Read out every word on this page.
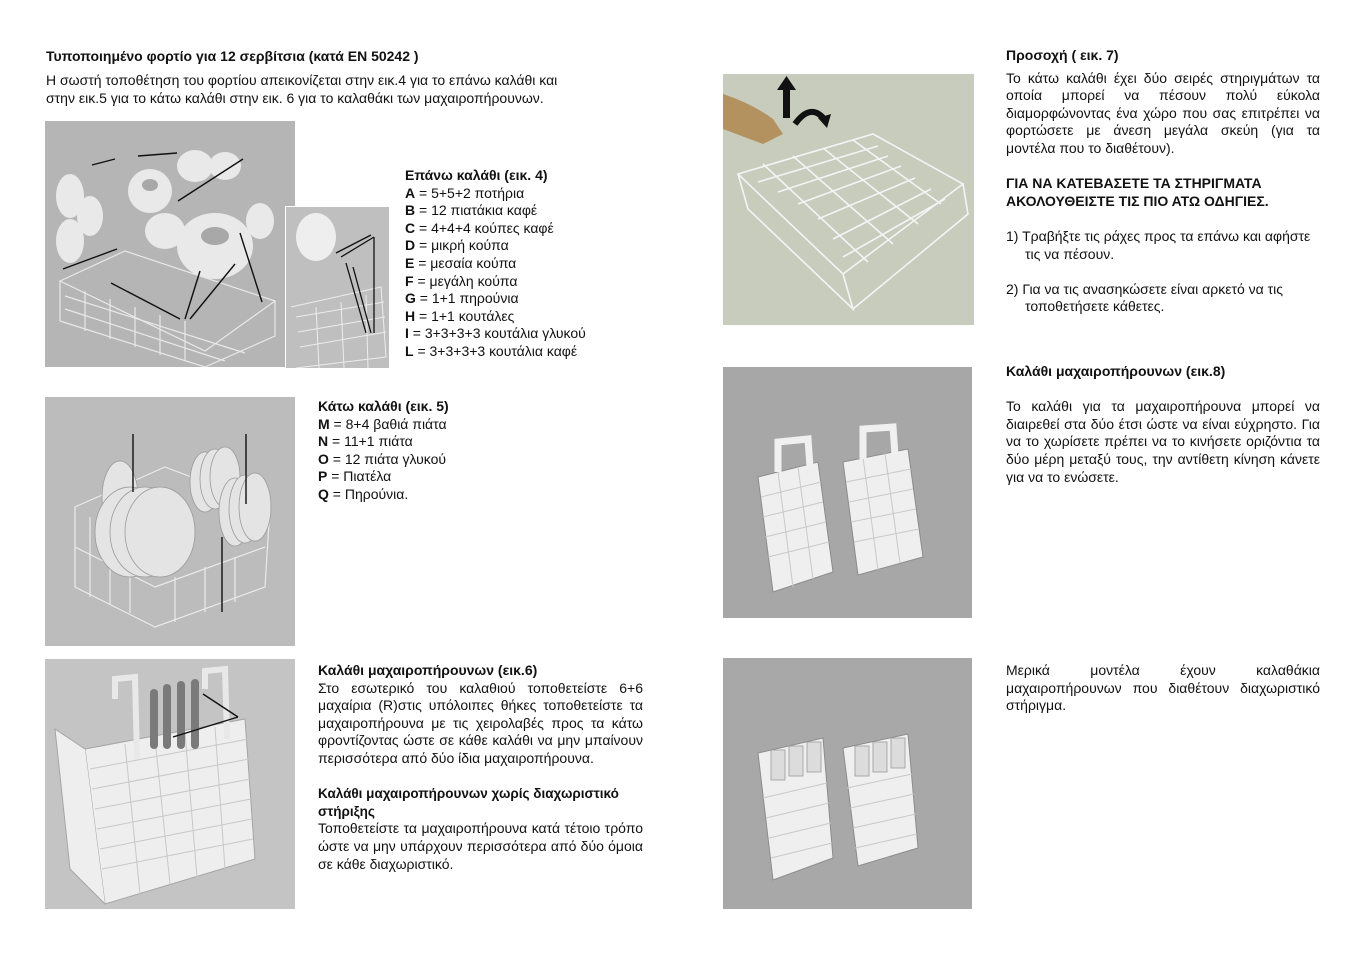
Τυποποιημένο φορτίο για 12 σερβίτσια (κατά EN 50242 )
Η σωστή τοποθέτηση του φορτίου απεικονίζεται στην εικ.4 για το επάνω καλάθι και
στην εικ.5 για το κάτω καλάθι στην εικ. 6 για το καλαθάκι των μαχαιροπήρουνων.
Επάνω καλάθι (εικ. 4)
A = 5+5+2 ποτήρια
B = 12 πιατάκια καφέ
C = 4+4+4 κούπες καφέ
D = μικρή κούπα
E = μεσαία κούπα
F = μεγάλη κούπα
G = 1+1 πηρούνια
H = 1+1 κουτάλες
I = 3+3+3+3 κουτάλια γλυκού
L = 3+3+3+3 κουτάλια καφέ
Κάτω καλάθι (εικ. 5)
M = 8+4 βαθιά πιάτα
N = 11+1 πιάτα
O = 12 πιάτα γλυκού
P = Πιατέλα
Q = Πηρούνια.
Καλάθι μαχαιροπήρουνων (εικ.6)
Στο εσωτερικό του καλαθιού τοποθετείστε 6+6 μαχαίρια (R)στις υπόλοιπες θήκες τοποθετείστε τα μαχαιροπήρουνα με τις χειρολαβές προς τα κάτω φροντίζοντας ώστε σε κάθε καλάθι να μην μπαίνουν περισσότερα από δύο ίδια μαχαιροπήρουνα.
Καλάθι μαχαιροπήρουνων χωρίς διαχωριστικό στήριξης
Τοποθετείστε τα μαχαιροπήρουνα κατά τέτοιο τρόπο ώστε να μην υπάρχουν περισσότερα από δύο όμοια σε κάθε διαχωριστικό.
Προσοχή ( εικ. 7)
Το κάτω καλάθι έχει δύο σειρές στηριγμάτων τα οποία μπορεί να πέσουν πολύ εύκολα διαμορφώνοντας ένα χώρο που σας επιτρέπει να φορτώσετε με άνεση μεγάλα σκεύη (για τα μοντέλα που το διαθέτουν).
ΓΙΑ ΝΑ ΚΑΤΕΒΑΣΕΤΕ ΤΑ ΣΤΗΡΙΓΜΑΤΑ
ΑΚΟΛΟΥΘΕΙΣΤΕ ΤΙΣ ΠΙΟ ΑΤΩ ΟΔΗΓΙΕΣ.
1) Τραβήξτε τις ράχες προς τα επάνω και αφήστε τις να πέσουν.
2) Για να τις ανασηκώσετε είναι αρκετό να τις τοποθετήσετε κάθετες.
Καλάθι μαχαιροπήρουνων (εικ.8)
Το καλάθι για τα μαχαιροπήρουνα μπορεί να διαιρεθεί στα δύο έτσι ώστε να είναι εύχρηστο. Για να το χωρίσετε πρέπει να το κινήσετε οριζόντια τα δύο μέρη μεταξύ τους, την αντίθετη κίνηση κάνετε για να το ενώσετε.
Μερικά μοντέλα έχουν καλαθάκια μαχαιροπήρουνων που διαθέτουν διαχωριστικό στήριγμα.
